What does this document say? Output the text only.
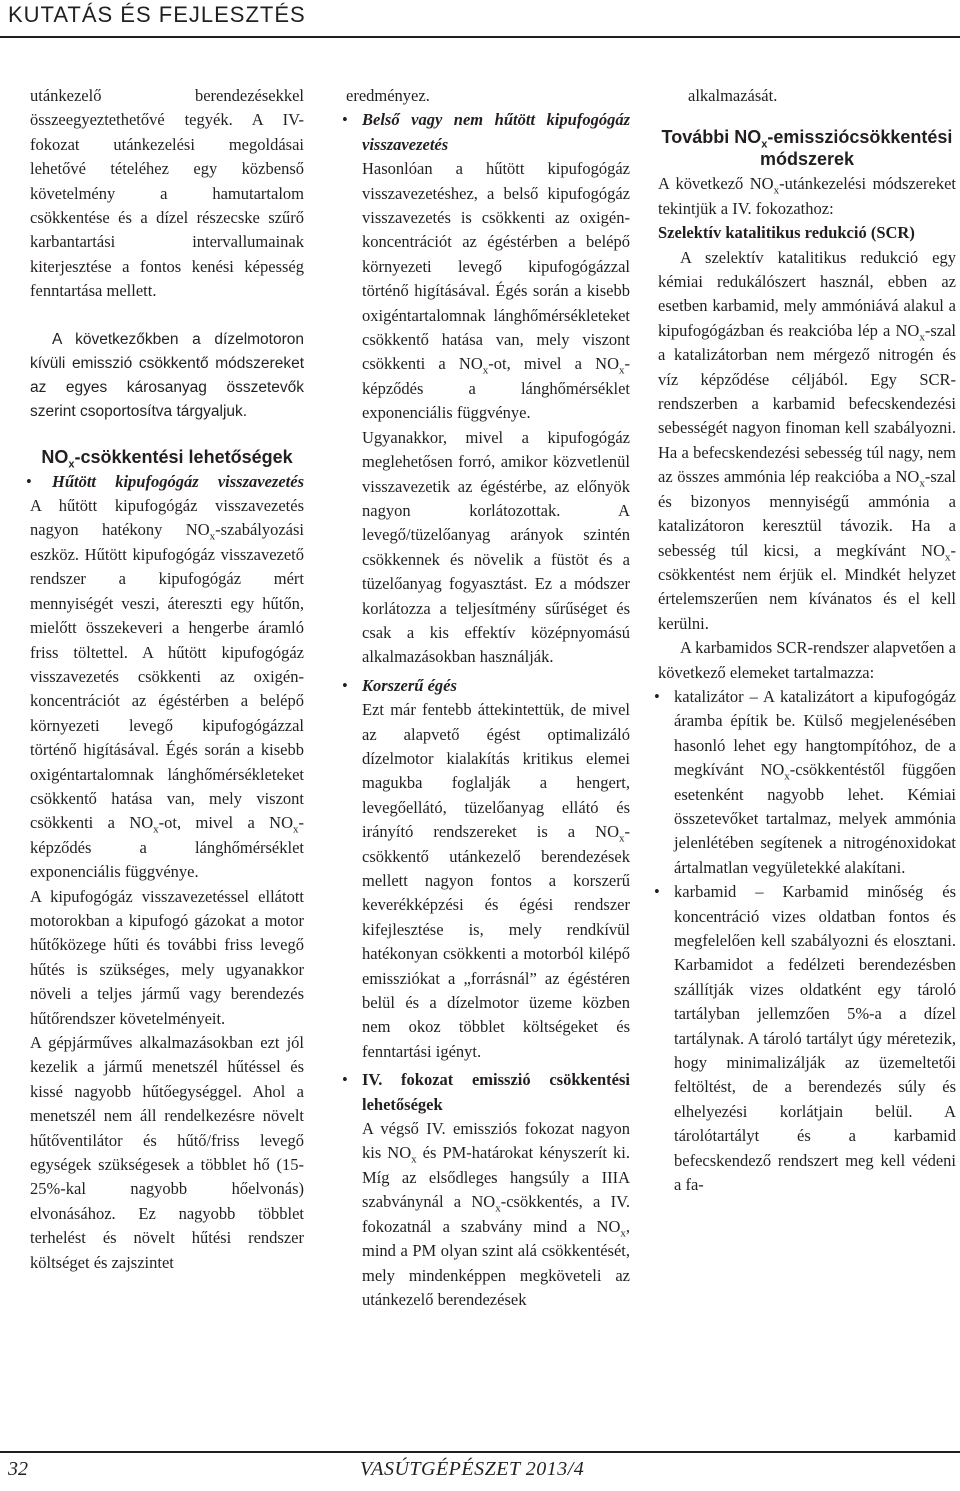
KUTATÁS ÉS FEJLESZTÉS

utánkezelő berendezésekkel összeegyeztethetővé tegyék. A IV-fokozat utánkezelési megoldásai lehetővé tételéhez egy közbenső követelmény a hamutartalom csökkentése és a dízel részecske szűrő karbantartási intervallumainak kiterjesztése a fontos kenési képesség fenntartása mellett.

A következőkben a dízelmotoron kívüli emisszió csökkentő módszereket az egyes károsanyag összetevők szerint csoportosítva tárgyaljuk.

$NO_x$-csökkentési lehetőségek
• Hűtött kipufogógáz visszavezetés

A hűtött kipufogógáz visszavezetés nagyon hatékony $NO_x$-szabályozási eszköz. Hűtött kipufogógáz visszavezető rendszer a kipufogógáz mért mennyiségét veszi, átereszti egy hűtőn, mielőtt összekeveri a hengerbe áramló friss töltettel. A hűtött kipufogógáz visszavezetés csökkenti az oxigén-koncentrációt az égéstérben a belépő környezeti levegő kipufogógázzal történő higításával. Égés során a kisebb oxigéntartalomnak lánghőmérsékleteket csökkentő hatása van, mely viszont csökkenti a $NO_x-ot$, mivel a $NO_x$-képződés a lánghőmérséklet exponenciális függvénye.

A kipufogógáz visszavezetéssel ellátott motorokban a kipufogó gázokat a motor hűtőközege hűti és további friss levegő hűtés is szükséges, mely ugyanakkor növeli a teljes jármű vagy berendezés hűtőrendszer követelményeit.

A gépjárműves alkalmazásokban ezt jól kezelik a jármű menetszél hűtéssel és kissé nagyobb hűtőegységgel. Ahol a menetszél nem áll rendelkezésre növelt hűtőventilátor és hűtő/friss levegő egységek szükségesek a többlet hő (15-25%-kal nagyobb hőelvonás) elvonásához. Ez nagyobb többlet terhelést és növelt hűtési rendszer költséget és zajszintet

eredményez.

• Belső vagy nem hűtött kipufogógáz visszavezetés

Hasonlóan a hűtött kipufogógáz visszavezetéshez, a belső kipufogógáz visszavezetés is csökkenti az oxigén-koncentrációt az égéstérben a belépő környezeti levegő kipufogógázzal történő higításával. Égés során a kisebb oxigéntartalomnak lánghőmérsékleteket csökkentő hatása van, mely viszont csökkenti a $NO_x-ot$, mivel a $NO_x$-képződés a lánghőmérséklet exponenciális függvénye.

Ugyanakkor, mivel a kipufogógáz meglehetősen forró, amikor közvetlenül visszavezetik az égéstérbe, az előnyök nagyon korlátozottak. A levegő/tüzelőanyag arányok szintén csökkennek és növelik a füstöt és a tüzelőanyag fogyasztást. Ez a módszer korlátozza a teljesítmény sűrűséget és csak a kis effektív középnyomású alkalmazásokban használják.

• Korszerű égés

Ezt már fentebb áttekintettük, de mivel az alapvető égést optimalizáló dízelmotor kialakítás kritikus elemei magukba foglalják a hengert, levegőellátó, tüzelőanyag ellátó és irányító rendszereket is a $NO_x$-csökkentő utánkezelő berendezések mellett nagyon fontos a korszerű keverékképzési és égési rendszer kifejlesztése is, mely rendkívül hatékonyan csökkenti a motorból kilépő emissziókat a „forrásnál” az égéstéren belül és a dízelmotor üzeme közben nem okoz többlet költségeket és fenntartási igényt.

• IV. fokozat emisszió csökkentési lehetőségek

A végső IV. emissziós fokozat nagyon kis $NO_x$ és PM-határokat kényszerít ki. Míg az elsődleges hangsúly a IIIA szabványnál a $NO_x$-csökkentés, a IV. fokozatnál a szabvány mind a $NO_x$, mind a PM olyan szint alá csökkentését, mely mindenképpen megköveteli az utánkezelő berendezések

alkalmazását.

További $NO_x$-emissziócsökkentési módszerek

A következő $NO_x$-utánkezelési módszereket tekintjük a IV. fokozathoz:

Szelektív katalitikus redukció (SCR)

A szelektív katalitikus redukció egy kémiai redukálószert használ, ebben az esetben karbamid, mely ammóniává alakul a kipufogógázban és reakcióba lép a $NO_x$-szal a katalizátorban nem mérgező nitrogén és víz képződése céljából. Egy SCR-rendszerben a karbamid befecskendezési sebességét nagyon finoman kell szabályozni. Ha a befecskendezési sebesség túl nagy, nem az összes ammónia lép reakcióba a $NO_x$-szal és bizonyos mennyiségű ammónia a katalizátoron keresztül távozik. Ha a sebesség túl kicsi, a megkívánt $NO_x$-csökkentést nem érjük el. Mindkét helyzet értelemszerűen nem kívánatos és el kell kerülni.

A karbamidos SCR-rendszer alapvetően a következő elemeket tartalmazza:

• katalizátor – A katalizátort a kipufogógáz áramba építik be. Külső megjelenésében hasonló lehet egy hangtompítóhoz, de a megkívánt $NO_x$-csökkentéstől függően esetenként nagyobb lehet. Kémiai összetevőket tartalmaz, melyek ammónia jelenlétében segítenek a nitrogénoxidokat ártalmatlan vegyületekké alakítani.
• karbamid – Karbamid minőség és koncentráció vizes oldatban fontos és megfelelően kell szabályozni és elosztani. Karbamidot a fedélzeti berendezésben szállítják vizes oldatként egy tároló tartályban jellemzően 5%-a a dízel tartálynak. A tároló tartályt úgy méretezik, hogy minimalizálják az üzemeltetői feltöltést, de a berendezés súly és elhelyezési korlátjain belül. A tárolótartályt és a karbamid befecskendező rendszert meg kell védeni a fa-
32	VASÚTGÉPÉSZET 2013/4
